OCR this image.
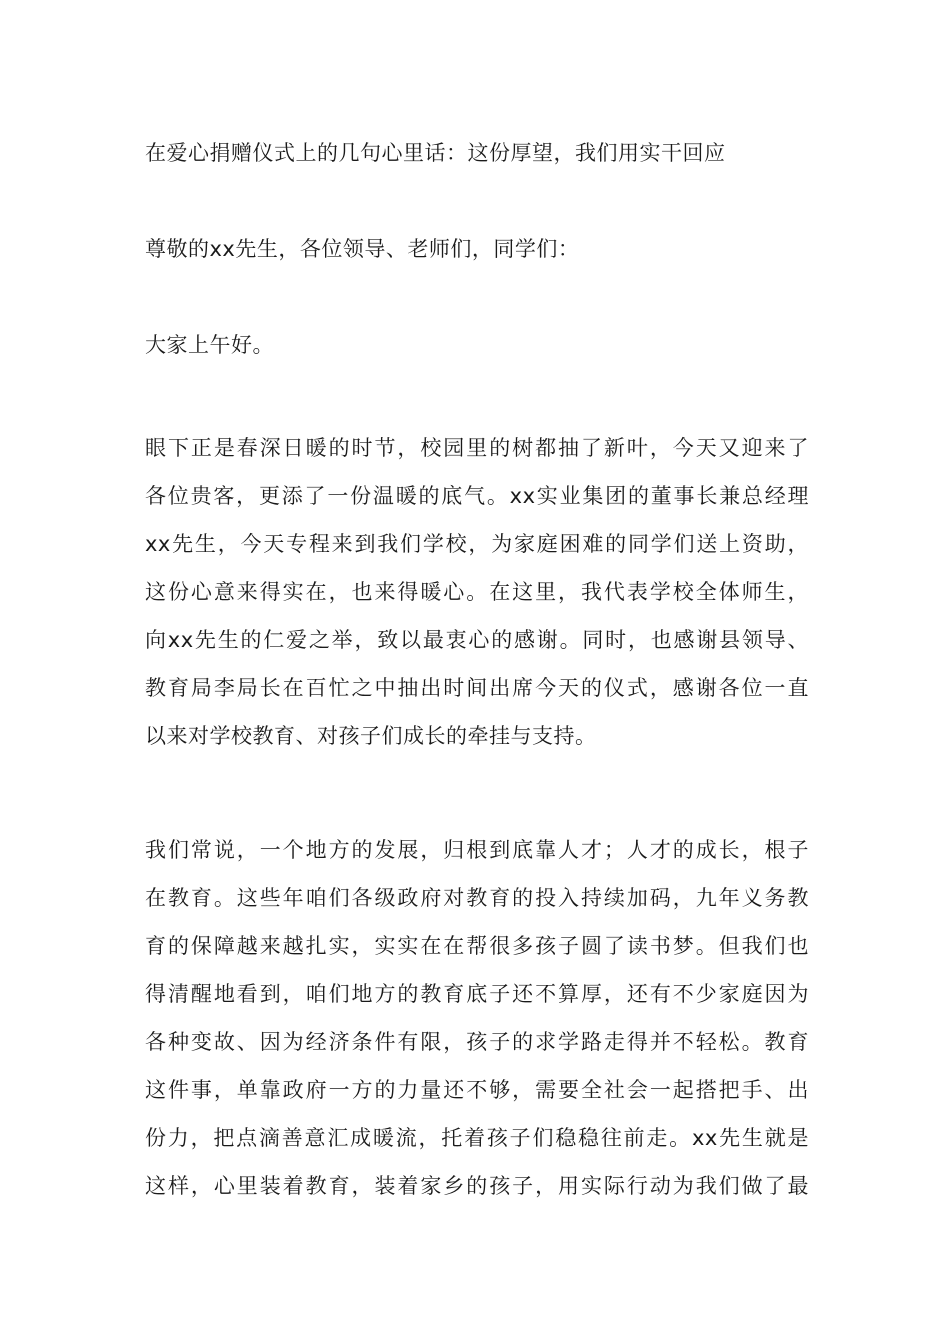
在爱心捐赠仪式上的几句心里话：这份厚望，我们用实干回应
尊敬的xx先生，各位领导、老师们，同学们：
大家上午好。
眼下正是春深日暖的时节，校园里的树都抽了新叶，今天又迎来了
各位贵客，更添了一份温暖的底气。xx实业集团的董事长兼总经理
xx先生，今天专程来到我们学校，为家庭困难的同学们送上资助，
这份心意来得实在，也来得暖心。在这里，我代表学校全体师生，
向xx先生的仁爱之举，致以最衷心的感谢。同时，也感谢县领导、
教育局李局长在百忙之中抽出时间出席今天的仪式，感谢各位一直
以来对学校教育、对孩子们成长的牵挂与支持。
我们常说，一个地方的发展，归根到底靠人才；人才的成长，根子
在教育。这些年咱们各级政府对教育的投入持续加码，九年义务教
育的保障越来越扎实，实实在在帮很多孩子圆了读书梦。但我们也
得清醒地看到，咱们地方的教育底子还不算厚，还有不少家庭因为
各种变故、因为经济条件有限，孩子的求学路走得并不轻松。教育
这件事，单靠政府一方的力量还不够，需要全社会一起搭把手、出
份力，把点滴善意汇成暖流，托着孩子们稳稳往前走。xx先生就是
这样，心里装着教育，装着家乡的孩子，用实际行动为我们做了最
